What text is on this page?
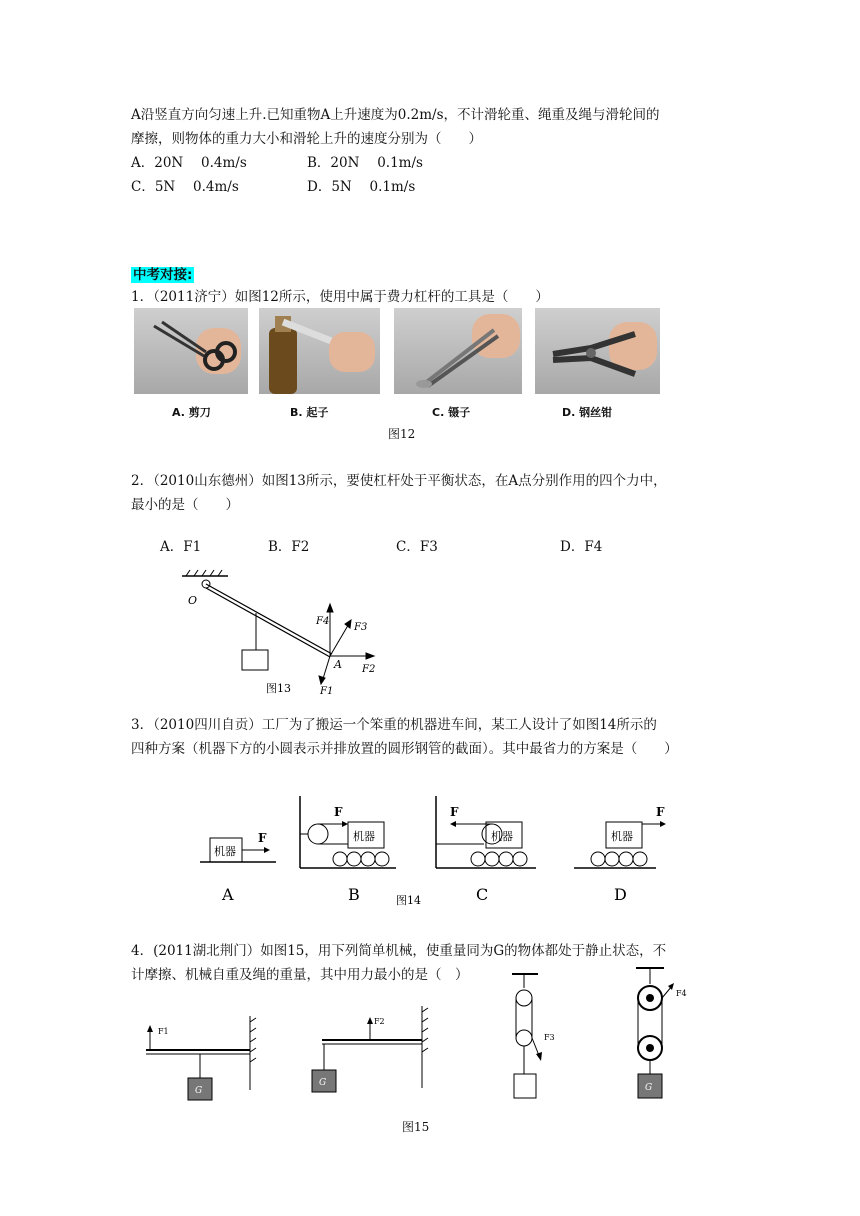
A沿竖直方向匀速上升.已知重物A上升速度为0.2m/s，不计滑轮重、绳重及绳与滑轮间的
摩擦，则物体的重力大小和滑轮上升的速度分别为（　　）
A．20N　 0.4m/s	B．20N　 0.1m/s
C．5N　 0.4m/s	D．5N　 0.1m/s
中考对接:
1．（2011济宁）如图12所示，使用中属于费力杠杆的工具是（　　）
A. 剪刀	B. 起子	C. 镊子	D. 钢丝钳
图12
2．（2010山东德州）如图13所示，要使杠杆处于平衡状态，在A点分别作用的四个力中，
最小的是（　　）
A．F1	B．F2	C．F3	D．F4
O
A
F4
F3
F2
F1
图13
3．（2010四川自贡）工厂为了搬运一个笨重的机器进车间，某工人设计了如图14所示的
四种方案（机器下方的小圆表示并排放置的圆形钢管的截面）。其中最省力的方案是（　　）
机器
F
A
F
机器
B
F
机器
C
机器
F
D
图14
4．(2011湖北荆门）如图15，用下列简单机械，使重量同为G的物体都处于静止状态，不
计摩擦、机械自重及绳的重量，其中用力最小的是（　）
F1
G
F2
G
F3
F4
G
图15
